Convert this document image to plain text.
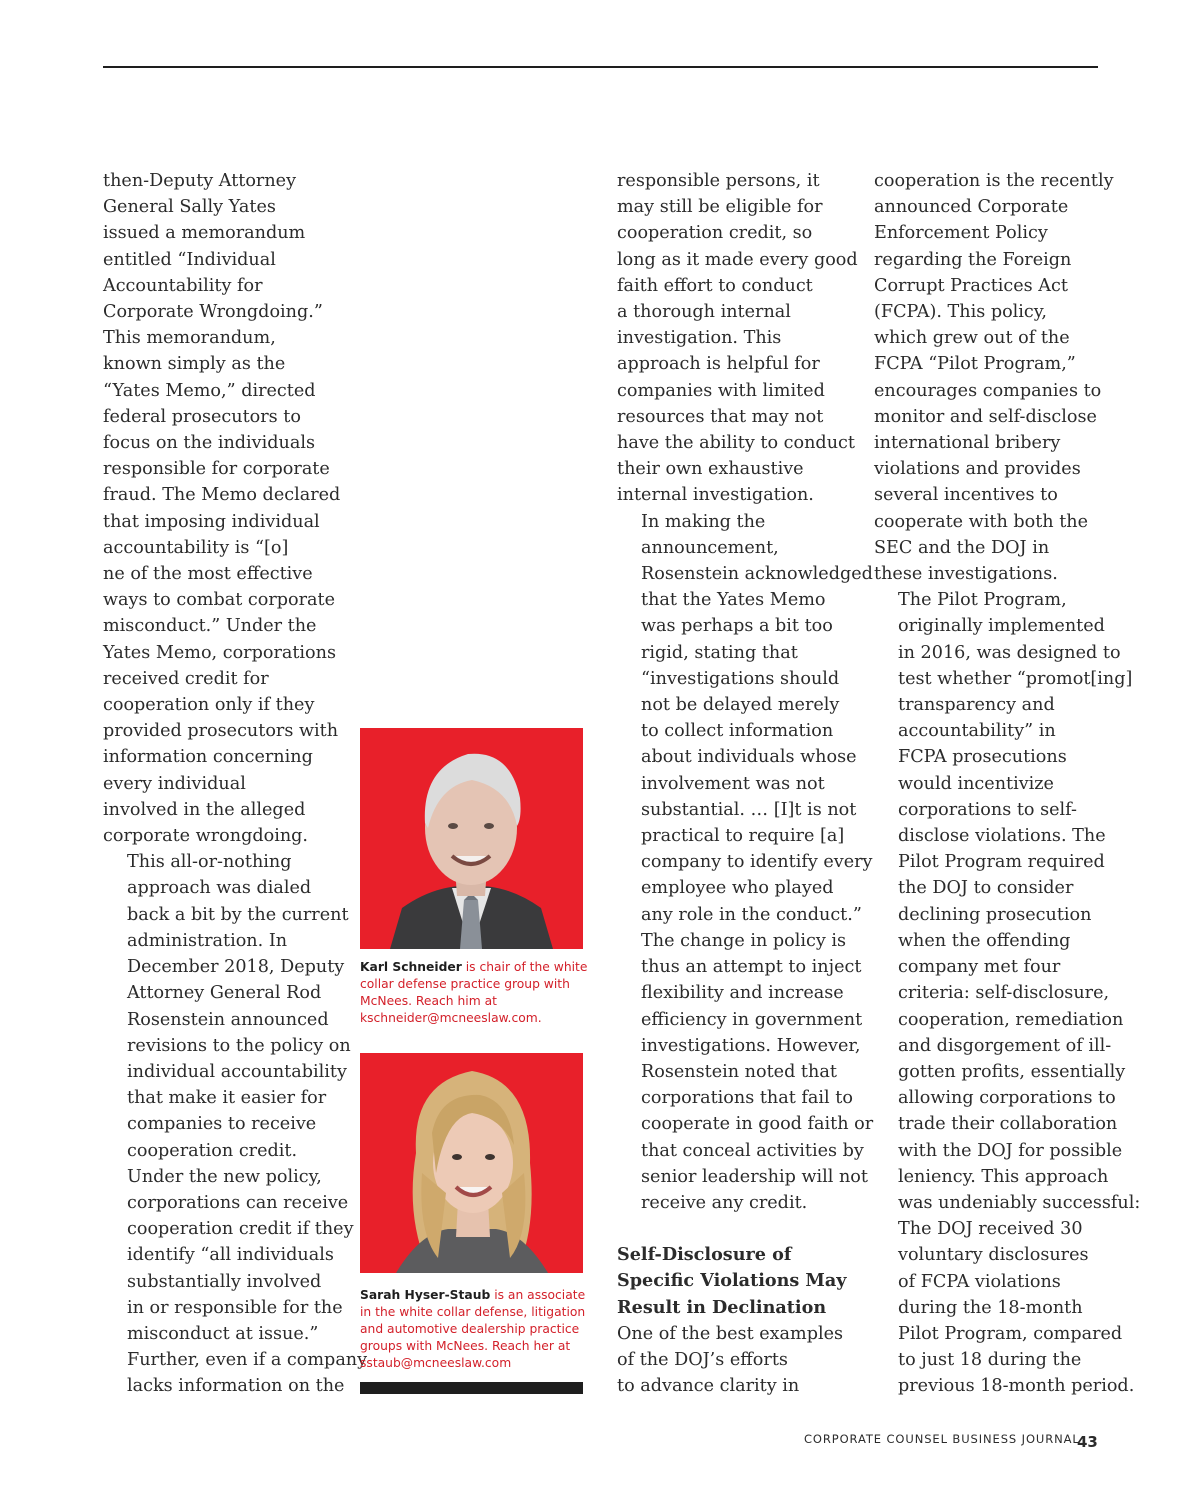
then-Deputy Attorney
General Sally Yates
issued a memorandum
entitled “Individual
Accountability for
Corporate Wrongdoing.”
This memorandum,
known simply as the
“Yates Memo,” directed
federal prosecutors to
focus on the individuals
responsible for corporate
fraud. The Memo declared
that imposing individual
accountability is “[o]
ne of the most effective
ways to combat corporate
misconduct.” Under the
Yates Memo, corporations
received credit for
cooperation only if they
provided prosecutors with
information concerning
every individual
involved in the alleged
corporate wrongdoing.

This all-or-nothing
approach was dialed
back a bit by the current
administration. In
December 2018, Deputy
Attorney General Rod
Rosenstein announced
revisions to the policy on
individual accountability
that make it easier for
companies to receive
cooperation credit.
Under the new policy,
corporations can receive
cooperation credit if they
identify “all individuals
substantially involved
in or responsible for the
misconduct at issue.”
Further, even if a company
lacks information on the

Karl Schneider is chair of the white collar defense practice group with McNees. Reach him at kschneider@mcneeslaw.com.
Sarah Hyser-Staub is an associate in the white collar defense, litigation and automotive dealership practice groups with McNees. Reach her at sstaub@mcneeslaw.com

responsible persons, it
may still be eligible for
cooperation credit, so
long as it made every good
faith effort to conduct
a thorough internal
investigation. This
approach is helpful for
companies with limited
resources that may not
have the ability to conduct
their own exhaustive
internal investigation.

In making the
announcement,
Rosenstein acknowledged
that the Yates Memo
was perhaps a bit too
rigid, stating that
“investigations should
not be delayed merely
to collect information
about individuals whose
involvement was not
substantial. … [I]t is not
practical to require [a]
company to identify every
employee who played
any role in the conduct.”
The change in policy is
thus an attempt to inject
flexibility and increase
efficiency in government
investigations. However,
Rosenstein noted that
corporations that fail to
cooperate in good faith or
that conceal activities by
senior leadership will not
receive any credit.

Self-Disclosure of
Specific Violations May
Result in Declination

One of the best examples
of the DOJ’s efforts
to advance clarity in

cooperation is the recently
announced Corporate
Enforcement Policy
regarding the Foreign
Corrupt Practices Act
(FCPA). This policy,
which grew out of the
FCPA “Pilot Program,”
encourages companies to
monitor and self-disclose
international bribery
violations and provides
several incentives to
cooperate with both the
SEC and the DOJ in
these investigations.

The Pilot Program,
originally implemented
in 2016, was designed to
test whether “promot[ing]
transparency and
accountability” in
FCPA prosecutions
would incentivize
corporations to self-
disclose violations. The
Pilot Program required
the DOJ to consider
declining prosecution
when the offending
company met four
criteria: self-disclosure,
cooperation, remediation
and disgorgement of ill-
gotten profits, essentially
allowing corporations to
trade their collaboration
with the DOJ for possible
leniency. This approach
was undeniably successful:
The DOJ received 30
voluntary disclosures
of FCPA violations
during the 18-month
Pilot Program, compared
to just 18 during the
previous 18-month period.

CORPORATE COUNSEL BUSINESS JOURNAL
43
